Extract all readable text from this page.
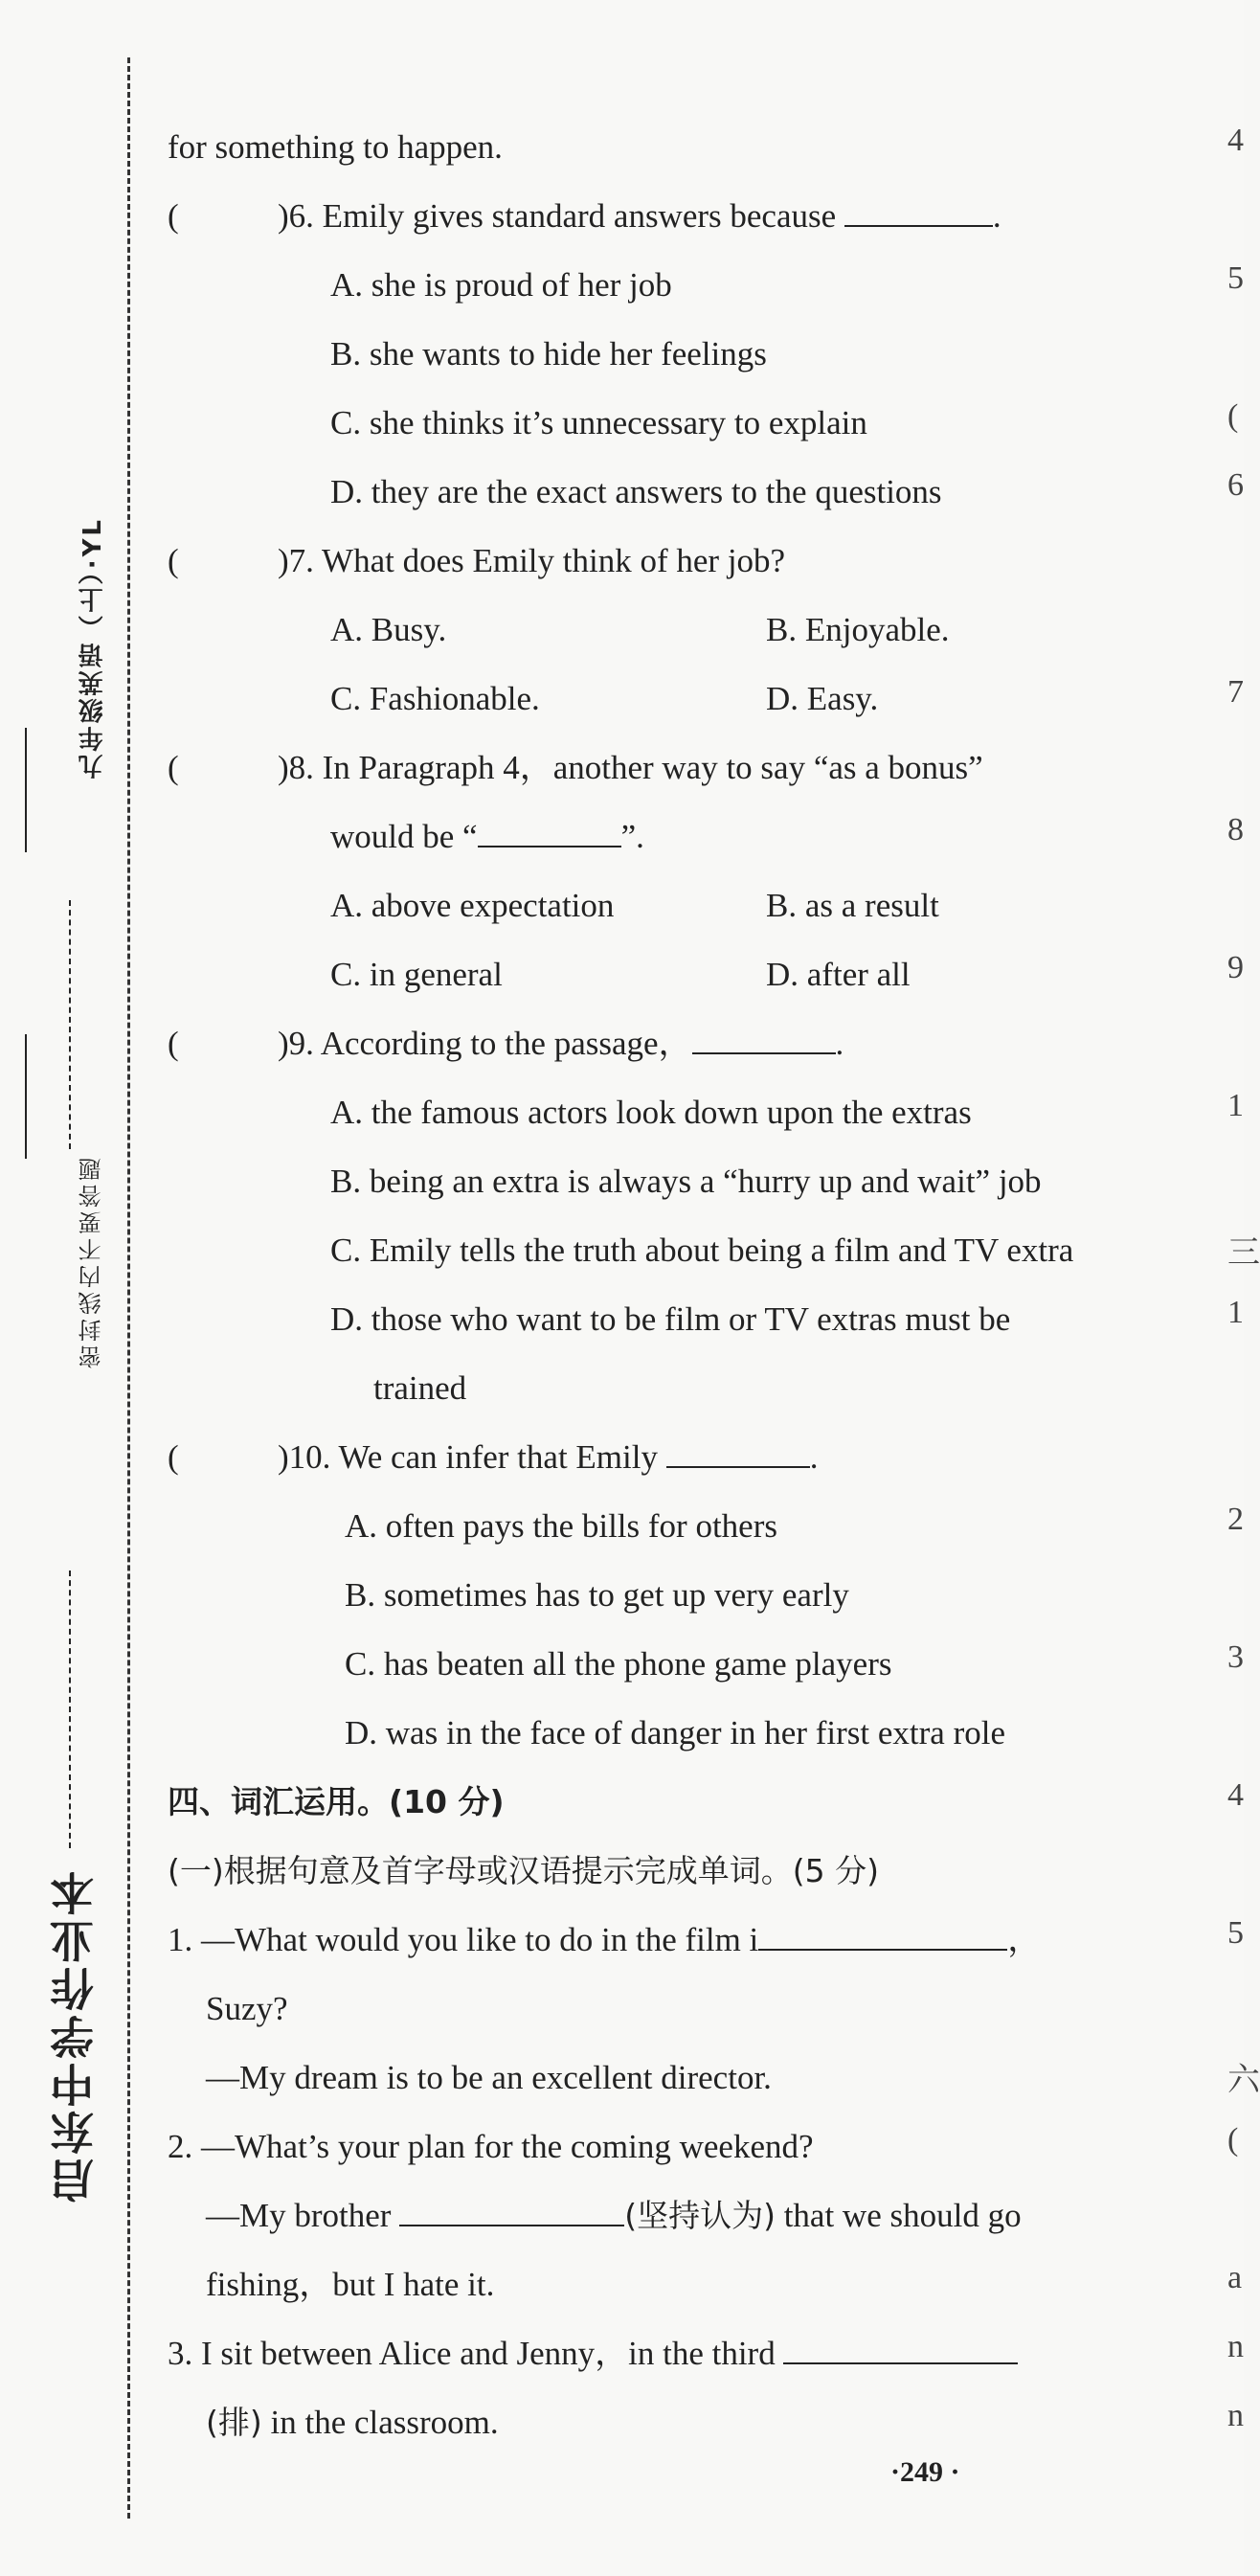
启东中学作业本
密封线内不要答题
九年级英语（上）·YL
for something to happen.
(	)6. Emily gives standard answers because	.
A. she is proud of her job
B. she wants to hide her feelings
C. she thinks it’s unnecessary to explain
D. they are the exact answers to the questions
(	)7. What does Emily think of her job?
A. Busy.	B. Enjoyable.
C. Fashionable.	D. Easy.
(	)8. In Paragraph 4，another way to say “as a bonus”
would be “	”.
A. above expectation	B. as a result
C. in general	D. after all
(	)9. According to the passage，	.
A. the famous actors look down upon the extras
B. being an extra is always a “hurry up and wait” job
C. Emily tells the truth about being a film and TV extra
D. those who want to be film or TV extras must be
trained
(	)10. We can infer that Emily	.
A. often pays the bills for others
B. sometimes has to get up very early
C. has beaten all the phone game players
D. was in the face of danger in her first extra role
四、词汇运用。(10 分)
(一)根据句意及首字母或汉语提示完成单词。(5 分)
1. —What would you like to do in the film i	，
Suzy?
—My dream is to be an excellent director.
2. —What’s your plan for the coming weekend?
—My brother	(坚持认为) that we should go
fishing，but I hate it.
3. I sit between Alice and Jenny，in the third
(排) in the classroom.
·249 ·
4
5
(
6
7
8
9
1
三
1
2
3
4
5
六
(
a
n
n
